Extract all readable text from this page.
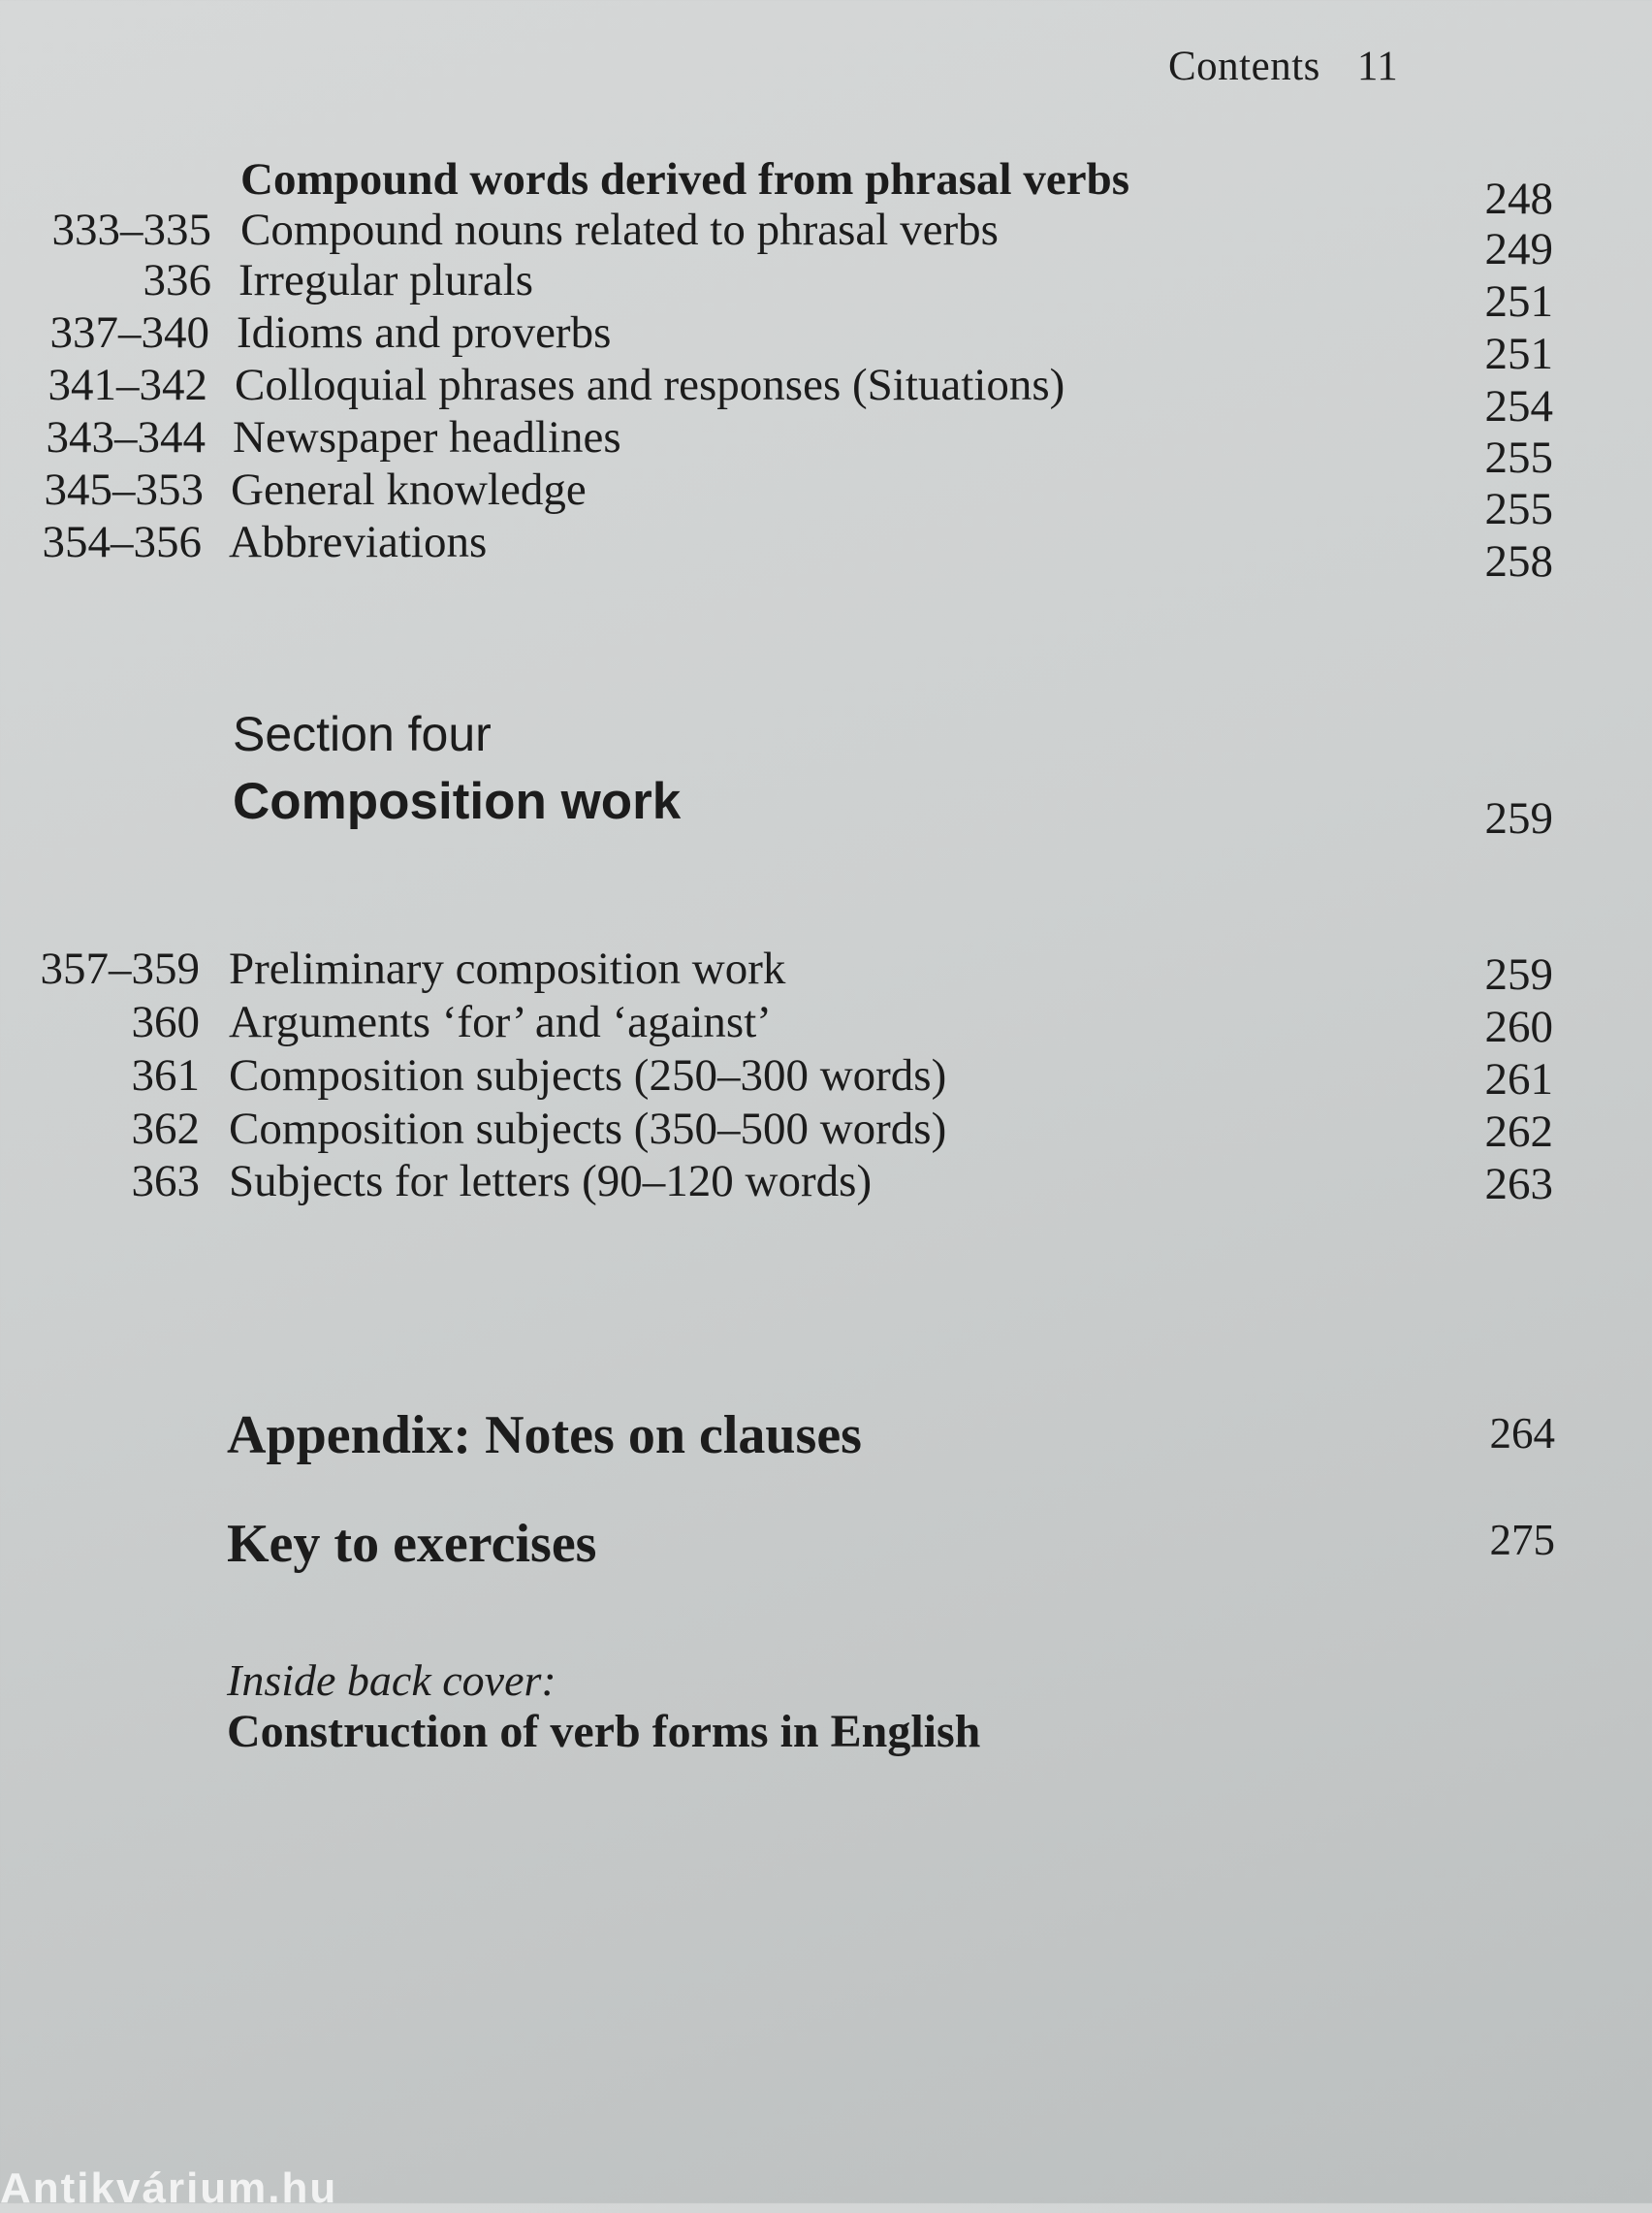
Contents 11
Compound words derived from phrasal verbs	248
333–335 Compound nouns related to phrasal verbs	249
336 Irregular plurals	251
337–340 Idioms and proverbs	251
341–342 Colloquial phrases and responses (Situations)	254
343–344 Newspaper headlines	255
345–353 General knowledge	255
354–356 Abbreviations	258
Section four
Composition work	259
357–359 Preliminary composition work	259
360 Arguments ‘for’ and ‘against’	260
361 Composition subjects (250–300 words)	261
362 Composition subjects (350–500 words)	262
363 Subjects for letters (90–120 words)	263
Appendix: Notes on clauses	264
Key to exercises	275
Inside back cover:
Construction of verb forms in English
Antikvárium.hu
